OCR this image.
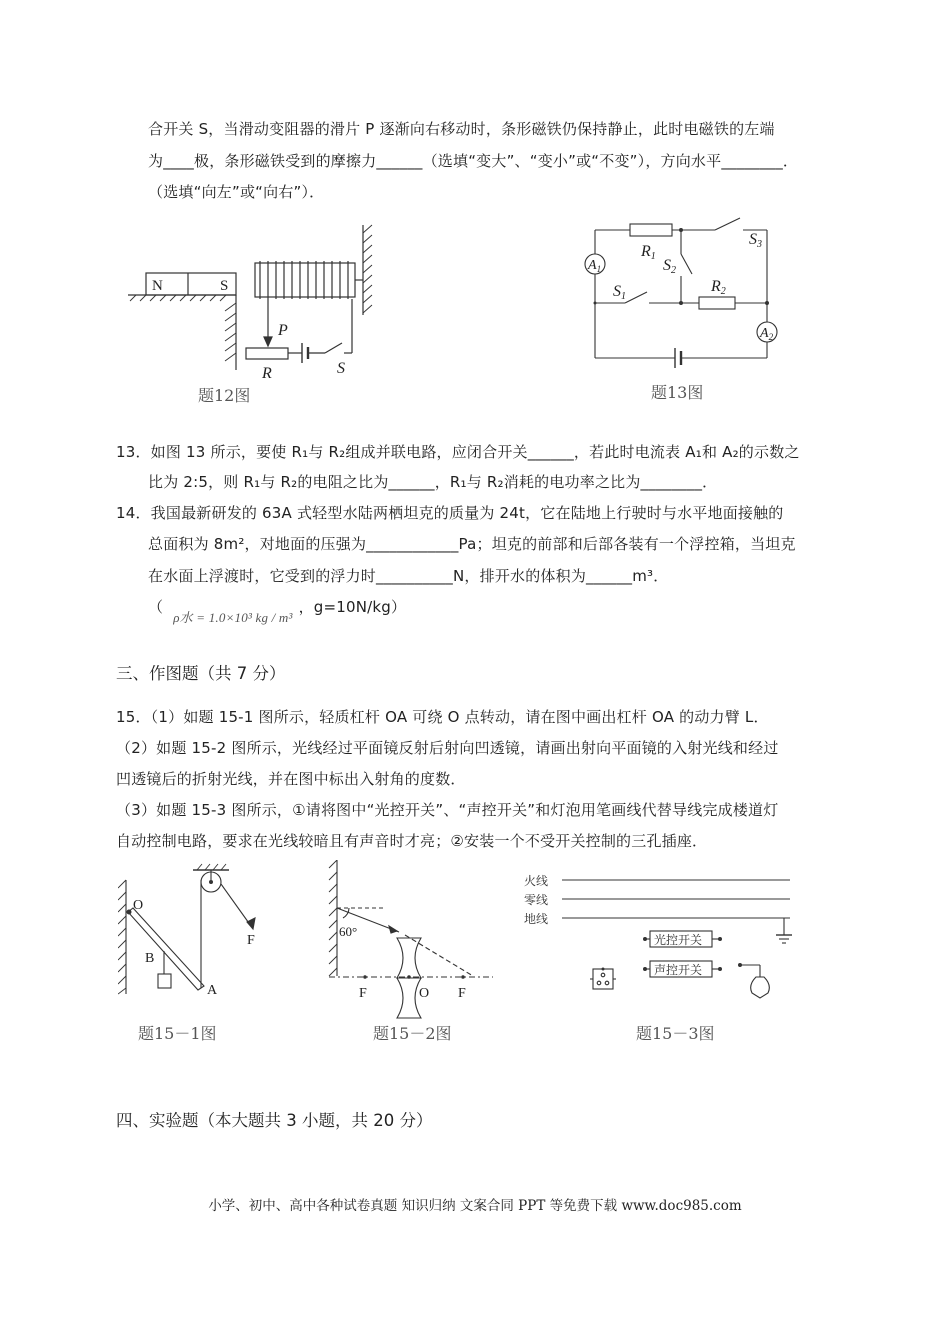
合开关 S，当滑动变阻器的滑片 P 逐渐向右移动时，条形磁铁仍保持静止，此时电磁铁的左端
为____极，条形磁铁受到的摩擦力______（选填“变大”、“变小”或“不变”），方向水平________．
（选填“向左”或“向右”）．
N	S
P
R	S
题12图
$A_1$
$A_2$
R1
R2
S1
S2
S3
题13图
13．如图 13 所示，要使 R₁与 R₂组成并联电路，应闭合开关______，若此时电流表 A₁和 A₂的示数之
比为 2:5，则 R₁与 R₂的电阻之比为______，R₁与 R₂消耗的电功率之比为________．
14．我国最新研发的 63A 式轻型水陆两栖坦克的质量为 24t，它在陆地上行驶时与水平地面接触的
总面积为 8m²，对地面的压强为____________Pa；坦克的前部和后部各装有一个浮控箱，当坦克
在水面上浮渡时，它受到的浮力时__________N，排开水的体积为______m³．
（ρ水 = 1.0×10³ kg / m³，g=10N/kg）
三、作图题（共 7 分）
15．（1）如题 15-1 图所示，轻质杠杆 OA 可绕 O 点转动，请在图中画出杠杆 OA 的动力臂 L．
（2）如题 15-2 图所示，光线经过平面镜反射后射向凹透镜，请画出射向平面镜的入射光线和经过
凹透镜后的折射光线，并在图中标出入射角的度数．
（3）如题 15-3 图所示，①请将图中“光控开关”、“声控开关”和灯泡用笔画线代替导线完成楼道灯
自动控制电路，要求在光线较暗且有声音时才亮；②安装一个不受开关控制的三孔插座．
O
B
A
F
题15－1图
60°
F	O F
题15－2图
火线
零线
地线
光控开关
声控开关
题15－3图
四、实验题（本大题共 3 小题，共 20 分）
小学、初中、高中各种试卷真题 知识归纳 文案合同 PPT 等免费下载 www.doc985.com
